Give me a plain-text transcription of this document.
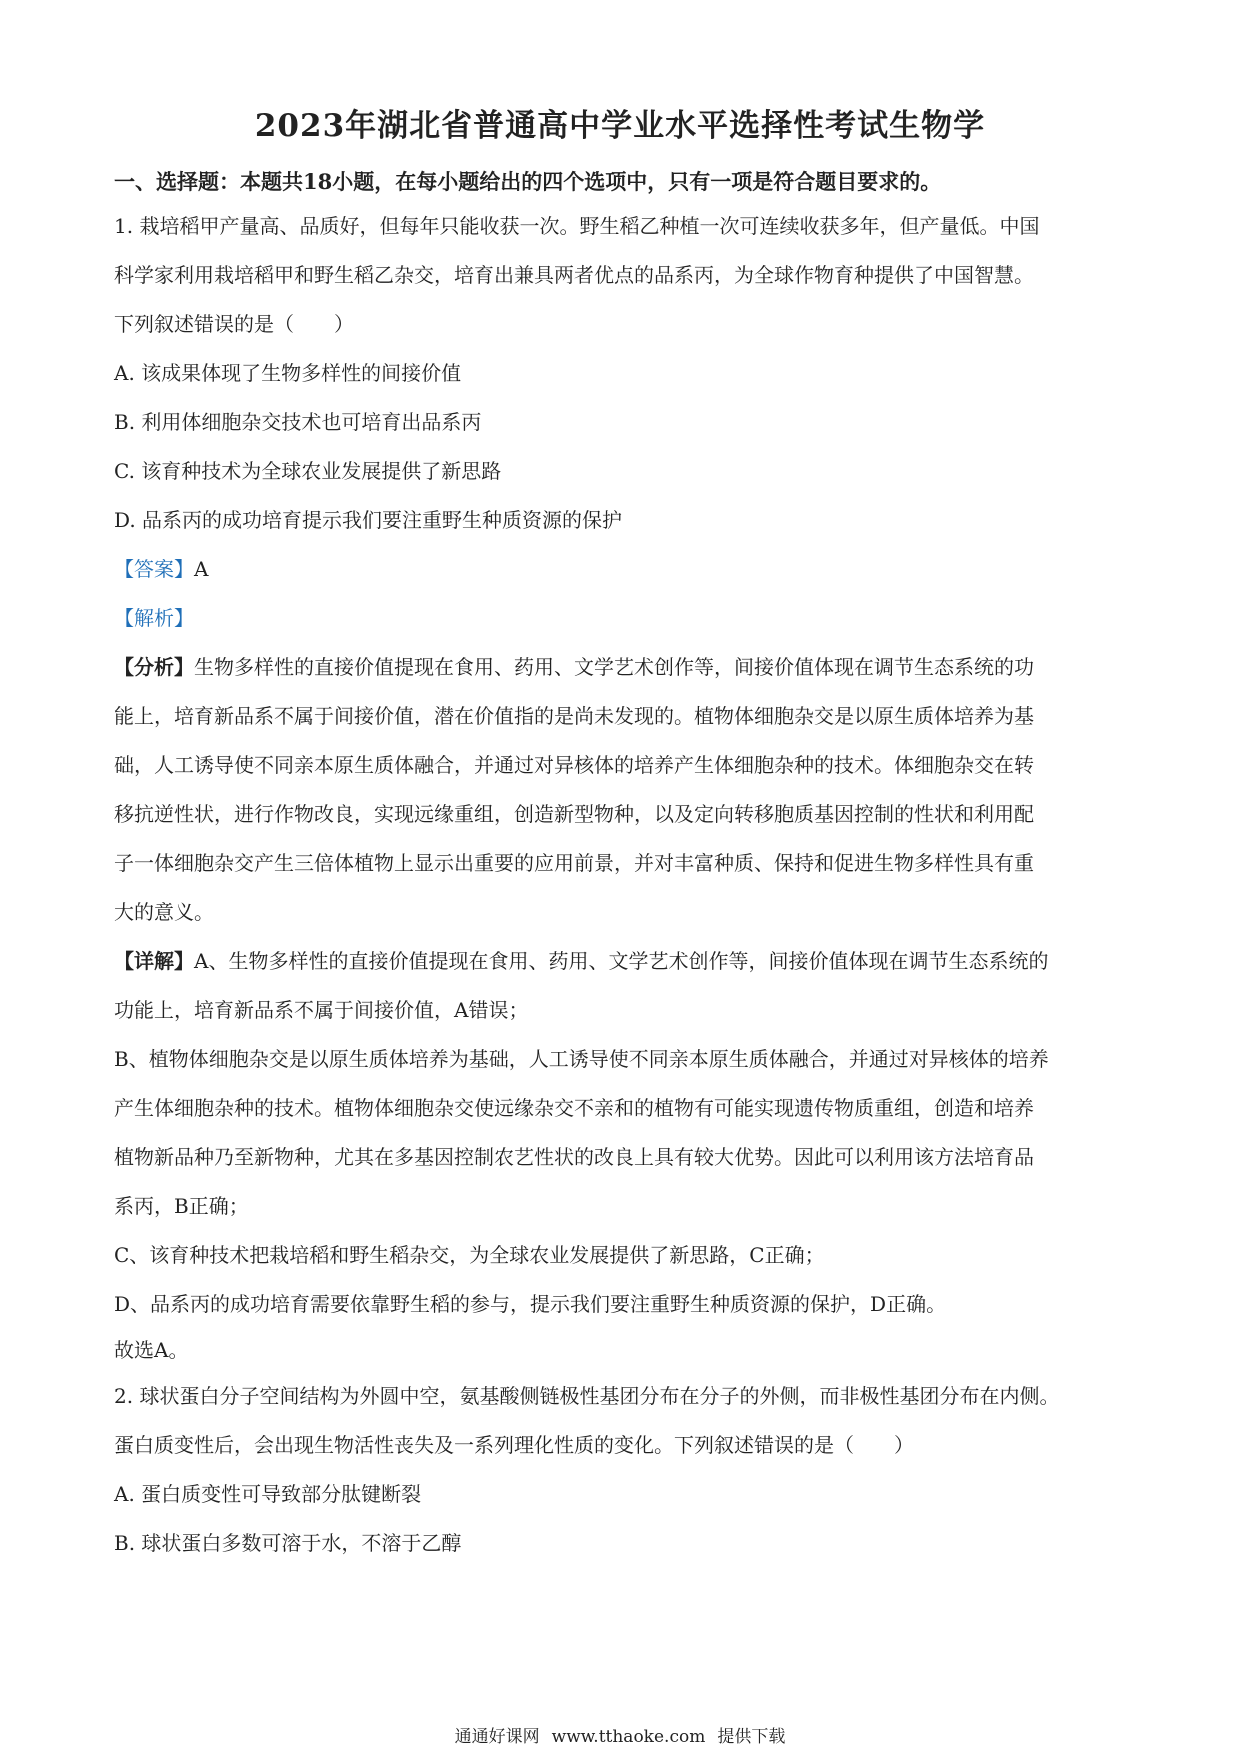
2023年湖北省普通高中学业水平选择性考试生物学
一、选择题：本题共18小题，在每小题给出的四个选项中，只有一项是符合题目要求的。
1. 栽培稻甲产量高、品质好，但每年只能收获一次。野生稻乙种植一次可连续收获多年，但产量低。中国
科学家利用栽培稻甲和野生稻乙杂交，培育出兼具两者优点的品系丙，为全球作物育种提供了中国智慧。
下列叙述错误的是（　　）
A. 该成果体现了生物多样性的间接价值
B. 利用体细胞杂交技术也可培育出品系丙
C. 该育种技术为全球农业发展提供了新思路
D. 品系丙的成功培育提示我们要注重野生种质资源的保护
【答案】A
【解析】
【分析】生物多样性的直接价值提现在食用、药用、文学艺术创作等，间接价值体现在调节生态系统的功
能上，培育新品系不属于间接价值，潜在价值指的是尚未发现的。植物体细胞杂交是以原生质体培养为基
础，人工诱导使不同亲本原生质体融合，并通过对异核体的培养产生体细胞杂种的技术。体细胞杂交在转
移抗逆性状，进行作物改良，实现远缘重组，创造新型物种，以及定向转移胞质基因控制的性状和利用配
子一体细胞杂交产生三倍体植物上显示出重要的应用前景，并对丰富种质、保持和促进生物多样性具有重
大的意义。
【详解】A、生物多样性的直接价值提现在食用、药用、文学艺术创作等，间接价值体现在调节生态系统的
功能上，培育新品系不属于间接价值，A错误；
B、植物体细胞杂交是以原生质体培养为基础，人工诱导使不同亲本原生质体融合，并通过对异核体的培养
产生体细胞杂种的技术。植物体细胞杂交使远缘杂交不亲和的植物有可能实现遗传物质重组，创造和培养
植物新品种乃至新物种，尤其在多基因控制农艺性状的改良上具有较大优势。因此可以利用该方法培育品
系丙，B正确；
C、该育种技术把栽培稻和野生稻杂交，为全球农业发展提供了新思路，C正确；
D、品系丙的成功培育需要依靠野生稻的参与，提示我们要注重野生种质资源的保护，D正确。
故选A。
2. 球状蛋白分子空间结构为外圆中空，氨基酸侧链极性基团分布在分子的外侧，而非极性基团分布在内侧。
蛋白质变性后，会出现生物活性丧失及一系列理化性质的变化。下列叙述错误的是（　　）
A. 蛋白质变性可导致部分肽键断裂
B. 球状蛋白多数可溶于水，不溶于乙醇
通通好课网 www.tthaoke.com 提供下载
